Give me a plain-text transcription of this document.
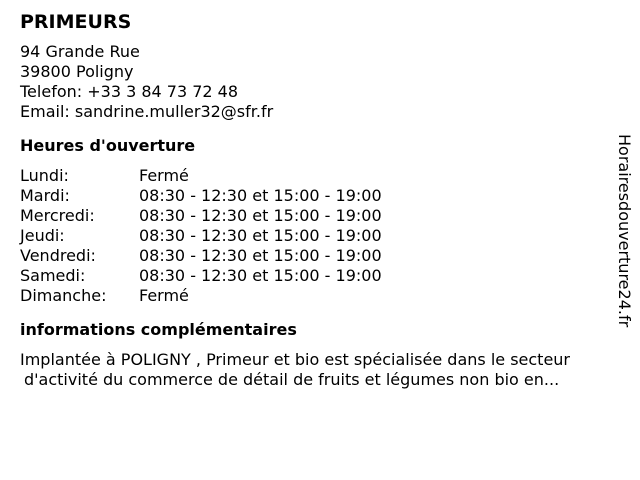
PRIMEURS
94 Grande Rue
39800 Poligny
Telefon: +33 3 84 73 72 48
Email: sandrine.muller32@sfr.fr
Heures d'ouverture
Lundi:	Fermé
Mardi:	08:30 - 12:30 et 15:00 - 19:00
Mercredi:	08:30 - 12:30 et 15:00 - 19:00
Jeudi:	08:30 - 12:30 et 15:00 - 19:00
Vendredi:	08:30 - 12:30 et 15:00 - 19:00
Samedi:	08:30 - 12:30 et 15:00 - 19:00
Dimanche:	Fermé
informations complémentaires
Implantée à POLIGNY , Primeur et bio est spécialisée dans le secteur
d'activité du commerce de détail de fruits et légumes non bio en...
Horairesdouverture24.fr
